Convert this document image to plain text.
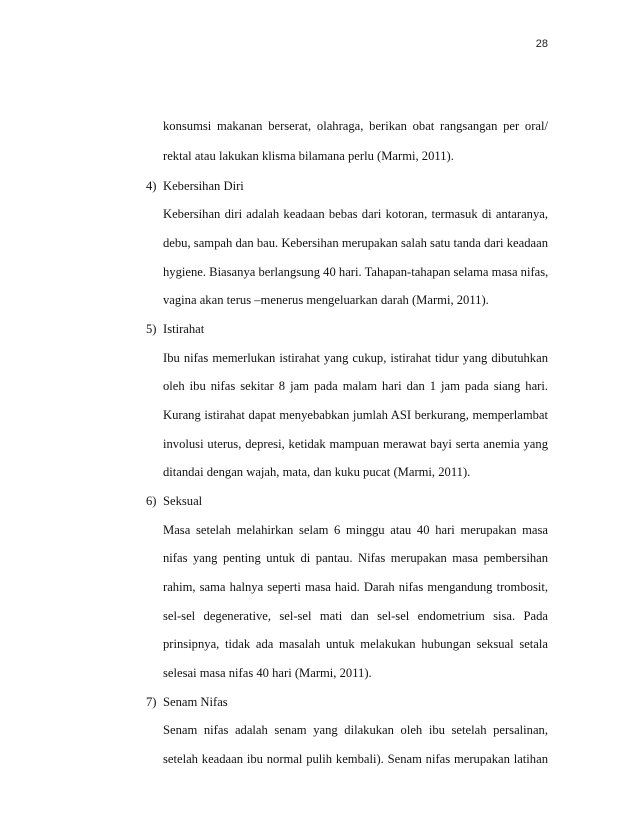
28
konsumsi makanan berserat, olahraga, berikan obat rangsangan per oral/
rektal atau lakukan klisma bilamana perlu (Marmi, 2011).
4) Kebersihan Diri
Kebersihan diri adalah keadaan bebas dari kotoran, termasuk di antaranya,
debu, sampah dan bau. Kebersihan merupakan salah satu tanda dari keadaan
hygiene. Biasanya berlangsung 40 hari. Tahapan-tahapan selama masa nifas,
vagina akan terus –menerus mengeluarkan darah (Marmi, 2011).
5) Istirahat
Ibu nifas memerlukan istirahat yang cukup, istirahat tidur yang dibutuhkan
oleh ibu nifas sekitar 8 jam pada malam hari dan 1 jam pada siang hari.
Kurang istirahat dapat menyebabkan jumlah ASI berkurang, memperlambat
involusi uterus, depresi, ketidak mampuan merawat bayi serta anemia yang
ditandai dengan wajah, mata, dan kuku pucat (Marmi, 2011).
6) Seksual
Masa setelah melahirkan selam 6 minggu atau 40 hari merupakan masa
nifas yang penting untuk di pantau. Nifas merupakan masa pembersihan
rahim, sama halnya seperti masa haid. Darah nifas mengandung trombosit,
sel-sel degenerative, sel-sel mati dan sel-sel endometrium sisa. Pada
prinsipnya, tidak ada masalah untuk melakukan hubungan seksual setala
selesai masa nifas 40 hari (Marmi, 2011).
7) Senam Nifas
Senam nifas adalah senam yang dilakukan oleh ibu setelah persalinan,
setelah keadaan ibu normal pulih kembali). Senam nifas merupakan latihan
